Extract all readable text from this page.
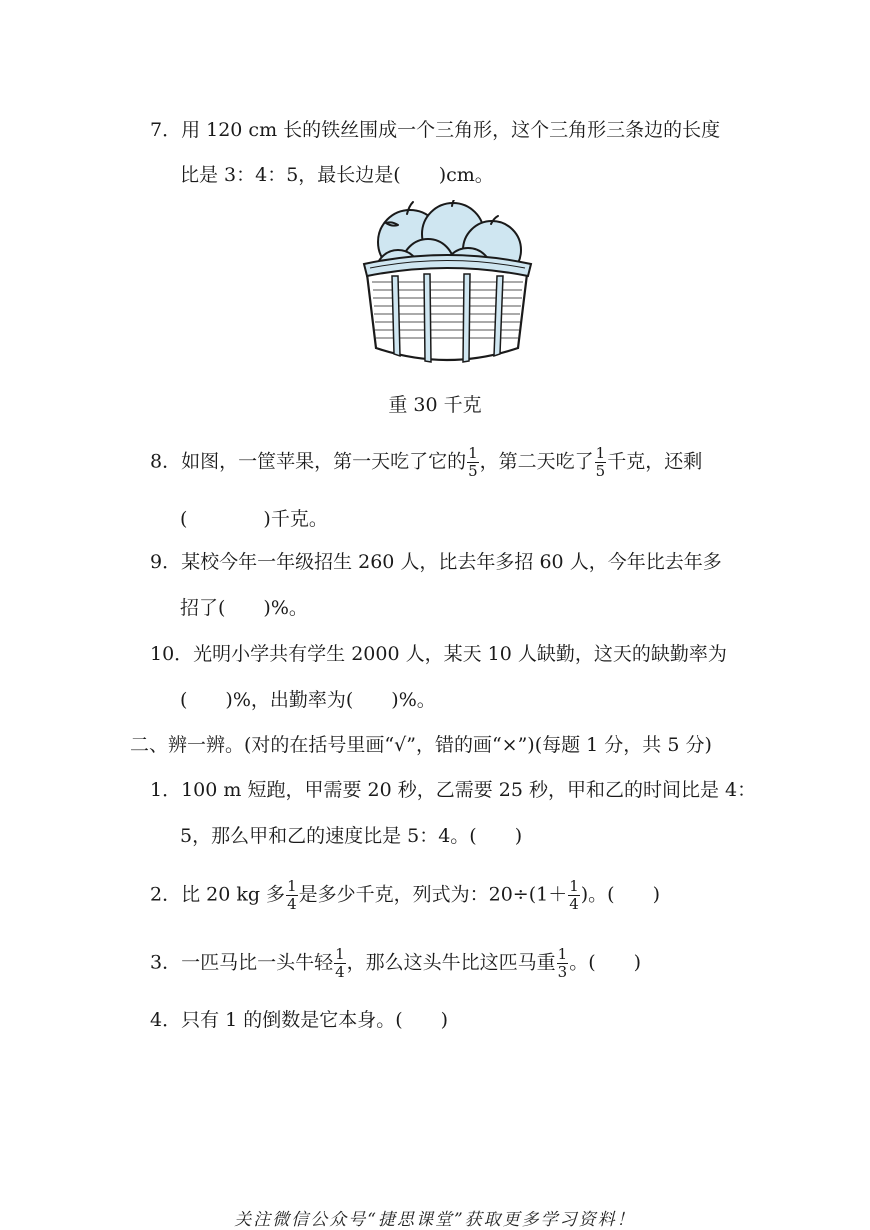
7．用 120 cm 长的铁丝围成一个三角形，这个三角形三条边的长度
比是 3：4：5，最长边是(　　)cm。
重 30 千克
8．如图，一筐苹果，第一天吃了它的 $\frac{1}{5}$ ，第二天吃了 $\frac{1}{5}$ 千克，还剩
(　　　　)千克。
9．某校今年一年级招生 260 人，比去年多招 60 人，今年比去年多
招了(　　)%。
10．光明小学共有学生 2000 人，某天 10 人缺勤，这天的缺勤率为
(　　)%，出勤率为(　　)%。
二、辨一辨。(对的在括号里画“√”，错的画“×”)(每题 1 分，共 5 分)
1．100 m 短跑，甲需要 20 秒，乙需要 25 秒，甲和乙的时间比是 4：
5，那么甲和乙的速度比是 5：4。(　　)
2．比 20 kg 多 $\frac{1}{4}$ 是多少千克，列式为：$20\div(1+ \frac{1}{4}$ )。(　　)
3．一匹马比一头牛轻 $\frac{1}{4}$ ，那么这头牛比这匹马重 $\frac{1}{3}$ 。(　　)
4．只有 1 的倒数是它本身。(　　)
关注微信公众号“捷思课堂”获取更多学习资料！
